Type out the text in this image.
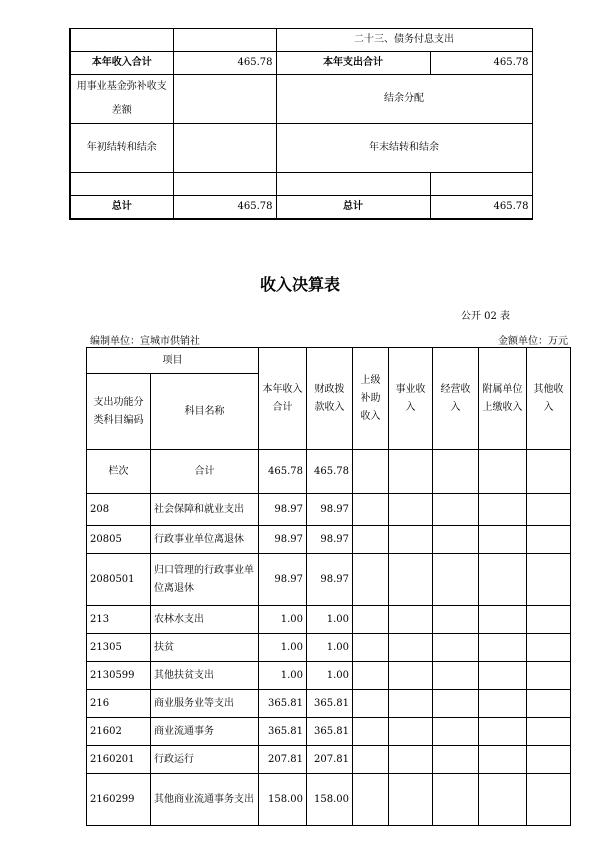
		二十三、债务付息支出	
本年收入合计	465.78	本年支出合计	465.78
用事业基金弥补收支差额		结余分配	
年初结转和结余		年末结转和结余	

总计	465.78	总计	465.78
收入决算表
公开 02 表
编制单位：宣城市供销社	金额单位：万元
项目		本年收入合计	财政拨款收入	上级补助收入	事业收入	经营收入	附属单位上缴收入	其他收入
支出功能分类科目编码	科目名称							
栏次	合计	465.78	465.78					
208	社会保障和就业支出	98.97	98.97					
20805	行政事业单位离退休	98.97	98.97					
2080501	归口管理的行政事业单位离退休	98.97	98.97					
213	农林水支出	1.00	1.00					
21305	扶贫	1.00	1.00					
2130599	其他扶贫支出	1.00	1.00					
216	商业服务业等支出	365.81	365.81					
21602	商业流通事务	365.81	365.81					
2160201	行政运行	207.81	207.81					
2160299	其他商业流通事务支出	158.00	158.00					
